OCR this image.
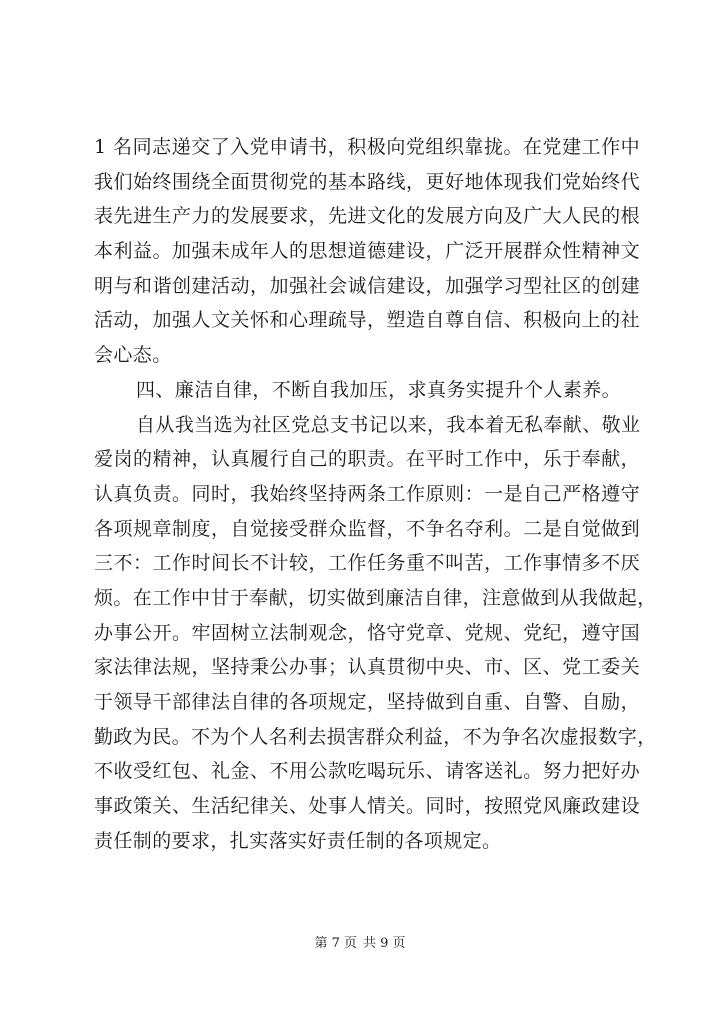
1 名同志递交了入党申请书，积极向党组织靠拢。在党建工作中
我们始终围绕全面贯彻党的基本路线，更好地体现我们党始终代
表先进生产力的发展要求，先进文化的发展方向及广大人民的根
本利益。加强未成年人的思想道德建设，广泛开展群众性精神文
明与和谐创建活动，加强社会诚信建设，加强学习型社区的创建
活动，加强人文关怀和心理疏导，塑造自尊自信、积极向上的社
会心态。
四、廉洁自律，不断自我加压，求真务实提升个人素养。
自从我当选为社区党总支书记以来，我本着无私奉献、敬业
爱岗的精神，认真履行自己的职责。在平时工作中，乐于奉献，
认真负责。同时，我始终坚持两条工作原则：一是自己严格遵守
各项规章制度，自觉接受群众监督，不争名夺利。二是自觉做到
三不：工作时间长不计较，工作任务重不叫苦，工作事情多不厌
烦。在工作中甘于奉献，切实做到廉洁自律，注意做到从我做起，
办事公开。牢固树立法制观念，恪守党章、党规、党纪，遵守国
家法律法规，坚持秉公办事；认真贯彻中央、市、区、党工委关
于领导干部律法自律的各项规定，坚持做到自重、自警、自励，
勤政为民。不为个人名利去损害群众利益，不为争名次虚报数字，
不收受红包、礼金、不用公款吃喝玩乐、请客送礼。努力把好办
事政策关、生活纪律关、处事人情关。同时，按照党风廉政建设
责任制的要求，扎实落实好责任制的各项规定。
第 7 页 共 9 页
